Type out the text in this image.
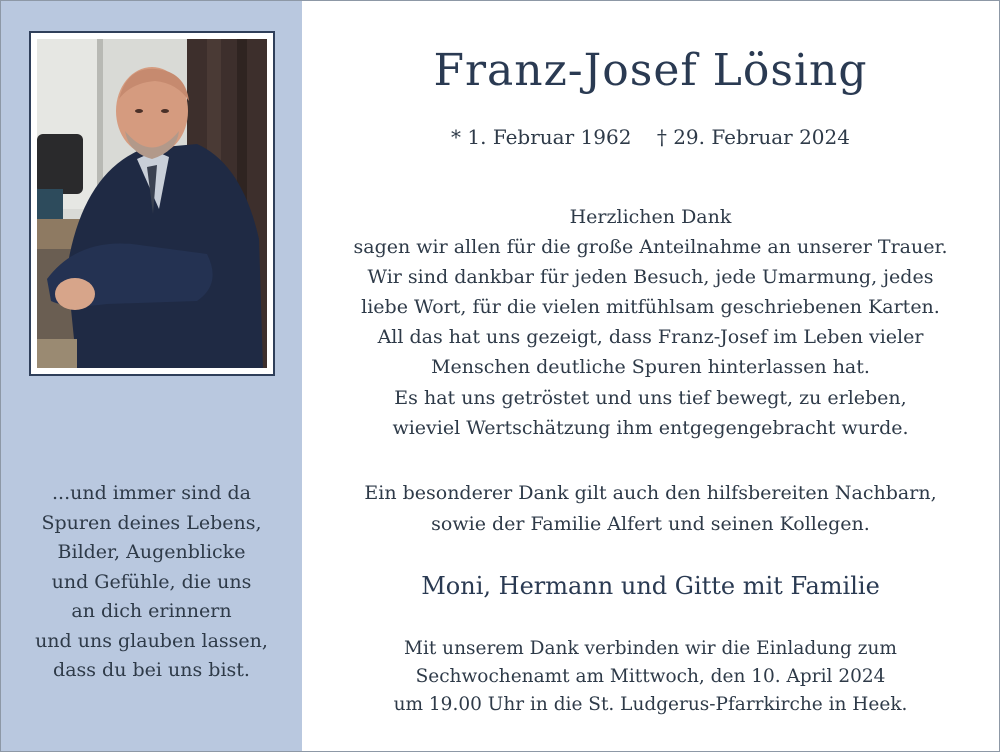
...und immer sind da
Spuren deines Lebens,
Bilder, Augenblicke
und Gefühle, die uns
an dich erinnern
und uns glauben lassen,
dass du bei uns bist.
Franz-Josef Lösing
* 1. Februar 1962    † 29. Februar 2024
Herzlichen Dank
sagen wir allen für die große Anteilnahme an unserer Trauer.
Wir sind dankbar für jeden Besuch, jede Umarmung, jedes
liebe Wort, für die vielen mitfühlsam geschriebenen Karten.
All das hat uns gezeigt, dass Franz-Josef im Leben vieler
Menschen deutliche Spuren hinterlassen hat.
Es hat uns getröstet und uns tief bewegt, zu erleben,
wieviel Wertschätzung ihm entgegengebracht wurde.
Ein besonderer Dank gilt auch den hilfsbereiten Nachbarn,
sowie der Familie Alfert und seinen Kollegen.
Moni, Hermann und Gitte mit Familie
Mit unserem Dank verbinden wir die Einladung zum
Sechwochenamt am Mittwoch, den 10. April 2024
um 19.00 Uhr in die St. Ludgerus-Pfarrkirche in Heek.
